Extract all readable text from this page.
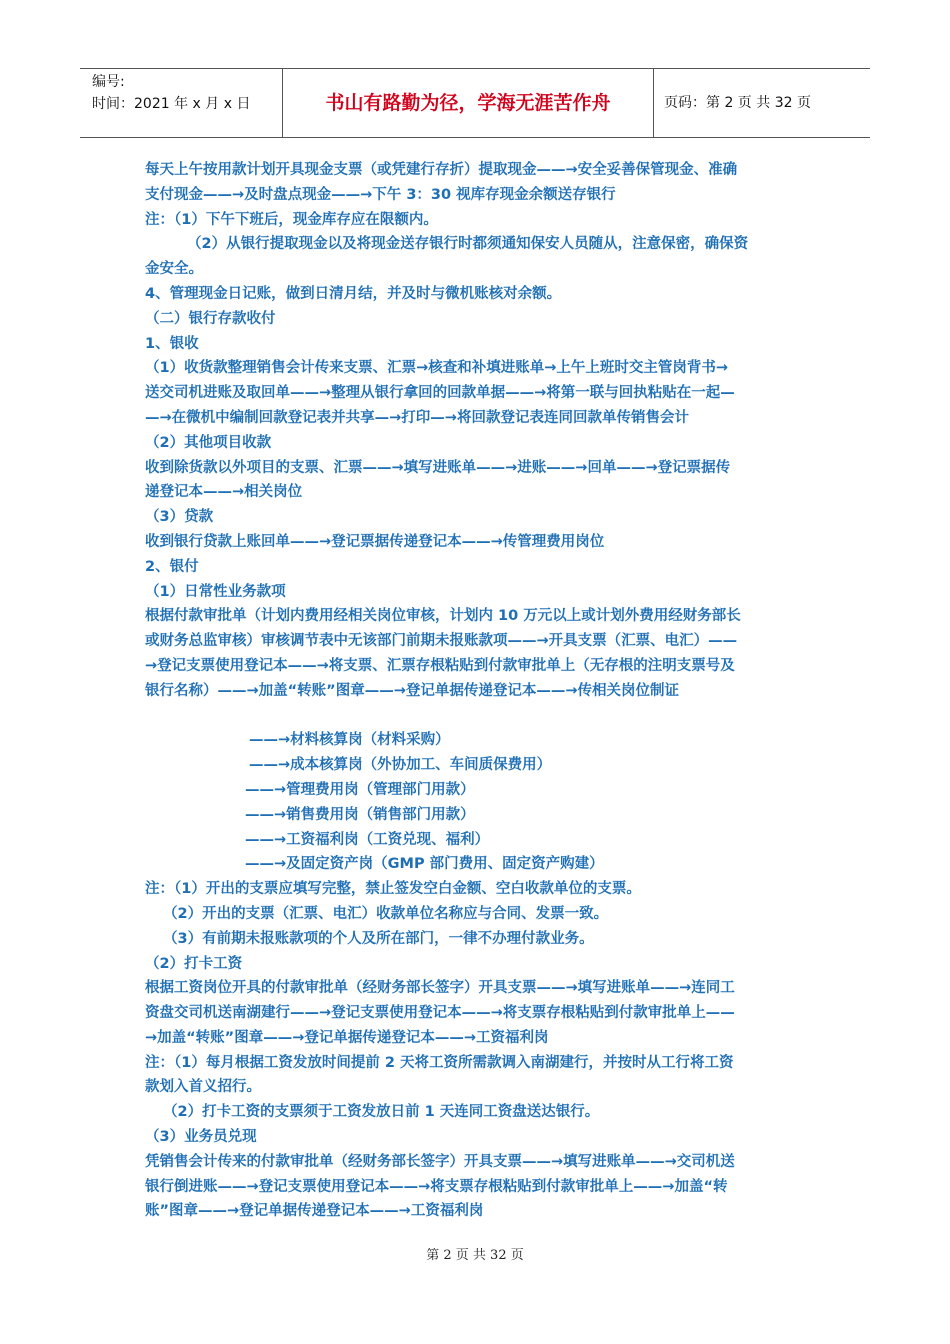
编号:
时间：2021 年 x 月 x 日	书山有路勤为径，学海无涯苦作舟	页码：第 2 页 共 32 页
每天上午按用款计划开具现金支票（或凭建行存折）提取现金——→安全妥善保管现金、准确
支付现金——→及时盘点现金——→下午 3：30 视库存现金余额送存银行
注：（1）下午下班后，现金库存应在限额内。
（2）从银行提取现金以及将现金送存银行时都须通知保安人员随从，注意保密，确保资
金安全。
4、管理现金日记账，做到日清月结，并及时与微机账核对余额。
（二）银行存款收付
1、银收
（1）收货款整理销售会计传来支票、汇票→核查和补填进账单→上午上班时交主管岗背书→
送交司机进账及取回单——→整理从银行拿回的回款单据——→将第一联与回执粘贴在一起—
—→在微机中编制回款登记表并共享—→打印—→将回款登记表连同回款单传销售会计
（2）其他项目收款
收到除货款以外项目的支票、汇票——→填写进账单——→进账——→回单——→登记票据传
递登记本——→相关岗位
（3）贷款
收到银行贷款上账回单——→登记票据传递登记本——→传管理费用岗位
2、银付
（1）日常性业务款项
根据付款审批单（计划内费用经相关岗位审核，计划内 10 万元以上或计划外费用经财务部长
或财务总监审核）审核调节表中无该部门前期未报账款项——→开具支票（汇票、电汇）——
→登记支票使用登记本——→将支票、汇票存根粘贴到付款审批单上（无存根的注明支票号及
银行名称）——→加盖“转账”图章——→登记单据传递登记本——→传相关岗位制证
——→材料核算岗（材料采购）
——→成本核算岗（外协加工、车间质保费用）
——→管理费用岗（管理部门用款）
——→销售费用岗（销售部门用款）
——→工资福利岗（工资兑现、福利）
——→及固定资产岗（GMP 部门费用、固定资产购建）
注：（1）开出的支票应填写完整，禁止签发空白金额、空白收款单位的支票。
（2）开出的支票（汇票、电汇）收款单位名称应与合同、发票一致。
（3）有前期未报账款项的个人及所在部门，一律不办理付款业务。
（2）打卡工资
根据工资岗位开具的付款审批单（经财务部长签字）开具支票——→填写进账单——→连同工
资盘交司机送南湖建行——→登记支票使用登记本——→将支票存根粘贴到付款审批单上——
→加盖“转账”图章——→登记单据传递登记本——→工资福利岗
注：（1）每月根据工资发放时间提前 2 天将工资所需款调入南湖建行，并按时从工行将工资
款划入首义招行。
（2）打卡工资的支票须于工资发放日前 1 天连同工资盘送达银行。
（3）业务员兑现
凭销售会计传来的付款审批单（经财务部长签字）开具支票——→填写进账单——→交司机送
银行倒进账——→登记支票使用登记本——→将支票存根粘贴到付款审批单上——→加盖“转
账”图章——→登记单据传递登记本——→工资福利岗
第 2 页 共 32 页
